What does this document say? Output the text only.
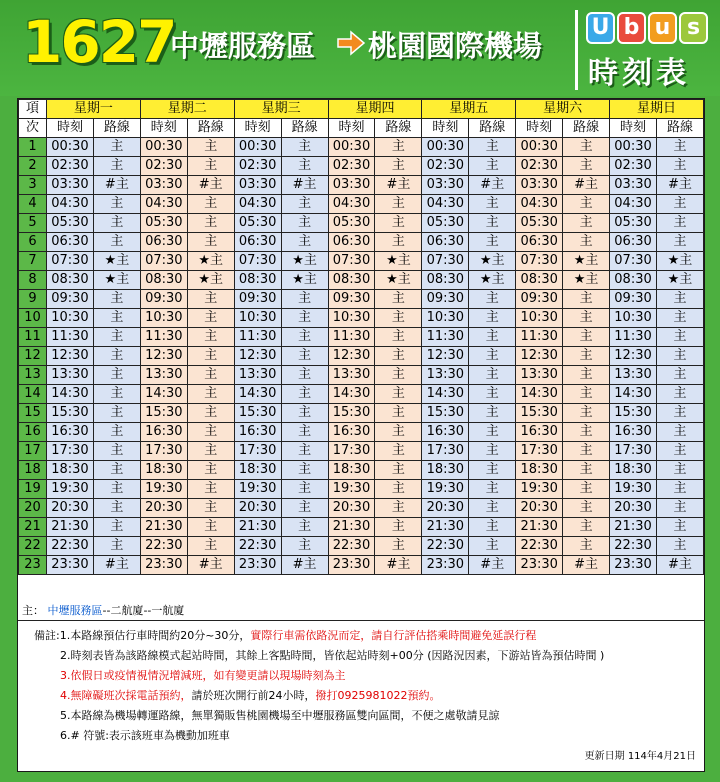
1627
中壢服務區 桃園國際機場
U b u s
時刻表
項	星期一		星期二		星期三		星期四		星期五		星期六		星期日	
次	時刻	路線	時刻	路線	時刻	路線	時刻	路線	時刻	路線	時刻	路線	時刻	路線
1	00:30	主	00:30	主	00:30	主	00:30	主	00:30	主	00:30	主	00:30	主
2	02:30	主	02:30	主	02:30	主	02:30	主	02:30	主	02:30	主	02:30	主
3	03:30	#主	03:30	#主	03:30	#主	03:30	#主	03:30	#主	03:30	#主	03:30	#主
4	04:30	主	04:30	主	04:30	主	04:30	主	04:30	主	04:30	主	04:30	主
5	05:30	主	05:30	主	05:30	主	05:30	主	05:30	主	05:30	主	05:30	主
6	06:30	主	06:30	主	06:30	主	06:30	主	06:30	主	06:30	主	06:30	主
7	07:30	★主	07:30	★主	07:30	★主	07:30	★主	07:30	★主	07:30	★主	07:30	★主
8	08:30	★主	08:30	★主	08:30	★主	08:30	★主	08:30	★主	08:30	★主	08:30	★主
9	09:30	主	09:30	主	09:30	主	09:30	主	09:30	主	09:30	主	09:30	主
10	10:30	主	10:30	主	10:30	主	10:30	主	10:30	主	10:30	主	10:30	主
11	11:30	主	11:30	主	11:30	主	11:30	主	11:30	主	11:30	主	11:30	主
12	12:30	主	12:30	主	12:30	主	12:30	主	12:30	主	12:30	主	12:30	主
13	13:30	主	13:30	主	13:30	主	13:30	主	13:30	主	13:30	主	13:30	主
14	14:30	主	14:30	主	14:30	主	14:30	主	14:30	主	14:30	主	14:30	主
15	15:30	主	15:30	主	15:30	主	15:30	主	15:30	主	15:30	主	15:30	主
16	16:30	主	16:30	主	16:30	主	16:30	主	16:30	主	16:30	主	16:30	主
17	17:30	主	17:30	主	17:30	主	17:30	主	17:30	主	17:30	主	17:30	主
18	18:30	主	18:30	主	18:30	主	18:30	主	18:30	主	18:30	主	18:30	主
19	19:30	主	19:30	主	19:30	主	19:30	主	19:30	主	19:30	主	19:30	主
20	20:30	主	20:30	主	20:30	主	20:30	主	20:30	主	20:30	主	20:30	主
21	21:30	主	21:30	主	21:30	主	21:30	主	21:30	主	21:30	主	21:30	主
22	22:30	主	22:30	主	22:30	主	22:30	主	22:30	主	22:30	主	22:30	主
23	23:30	#主	23:30	#主	23:30	#主	23:30	#主	23:30	#主	23:30	#主	23:30	#主
主： 中壢服務區--二航廈--一航廈
備註:1.本路線預估行車時間約20分~30分，實際行車需依路況而定，請自行評估搭乘時間避免延誤行程
2.時刻表皆為該路線模式起站時間，其餘上客點時間，皆依起站時刻+00分 (因路況因素，下游站皆為預估時間 )
3.依假日或疫情視情況增減班，如有變更請以現場時刻為主
4.無障礙班次採電話預約，請於班次開行前24小時，撥打0925981022預約。
5.本路線為機場轉運路線，無單獨販售桃園機場至中壢服務區雙向區間，不便之處敬請見諒
6.# 符號:表示該班車為機動加班車
更新日期 114年4月21日
